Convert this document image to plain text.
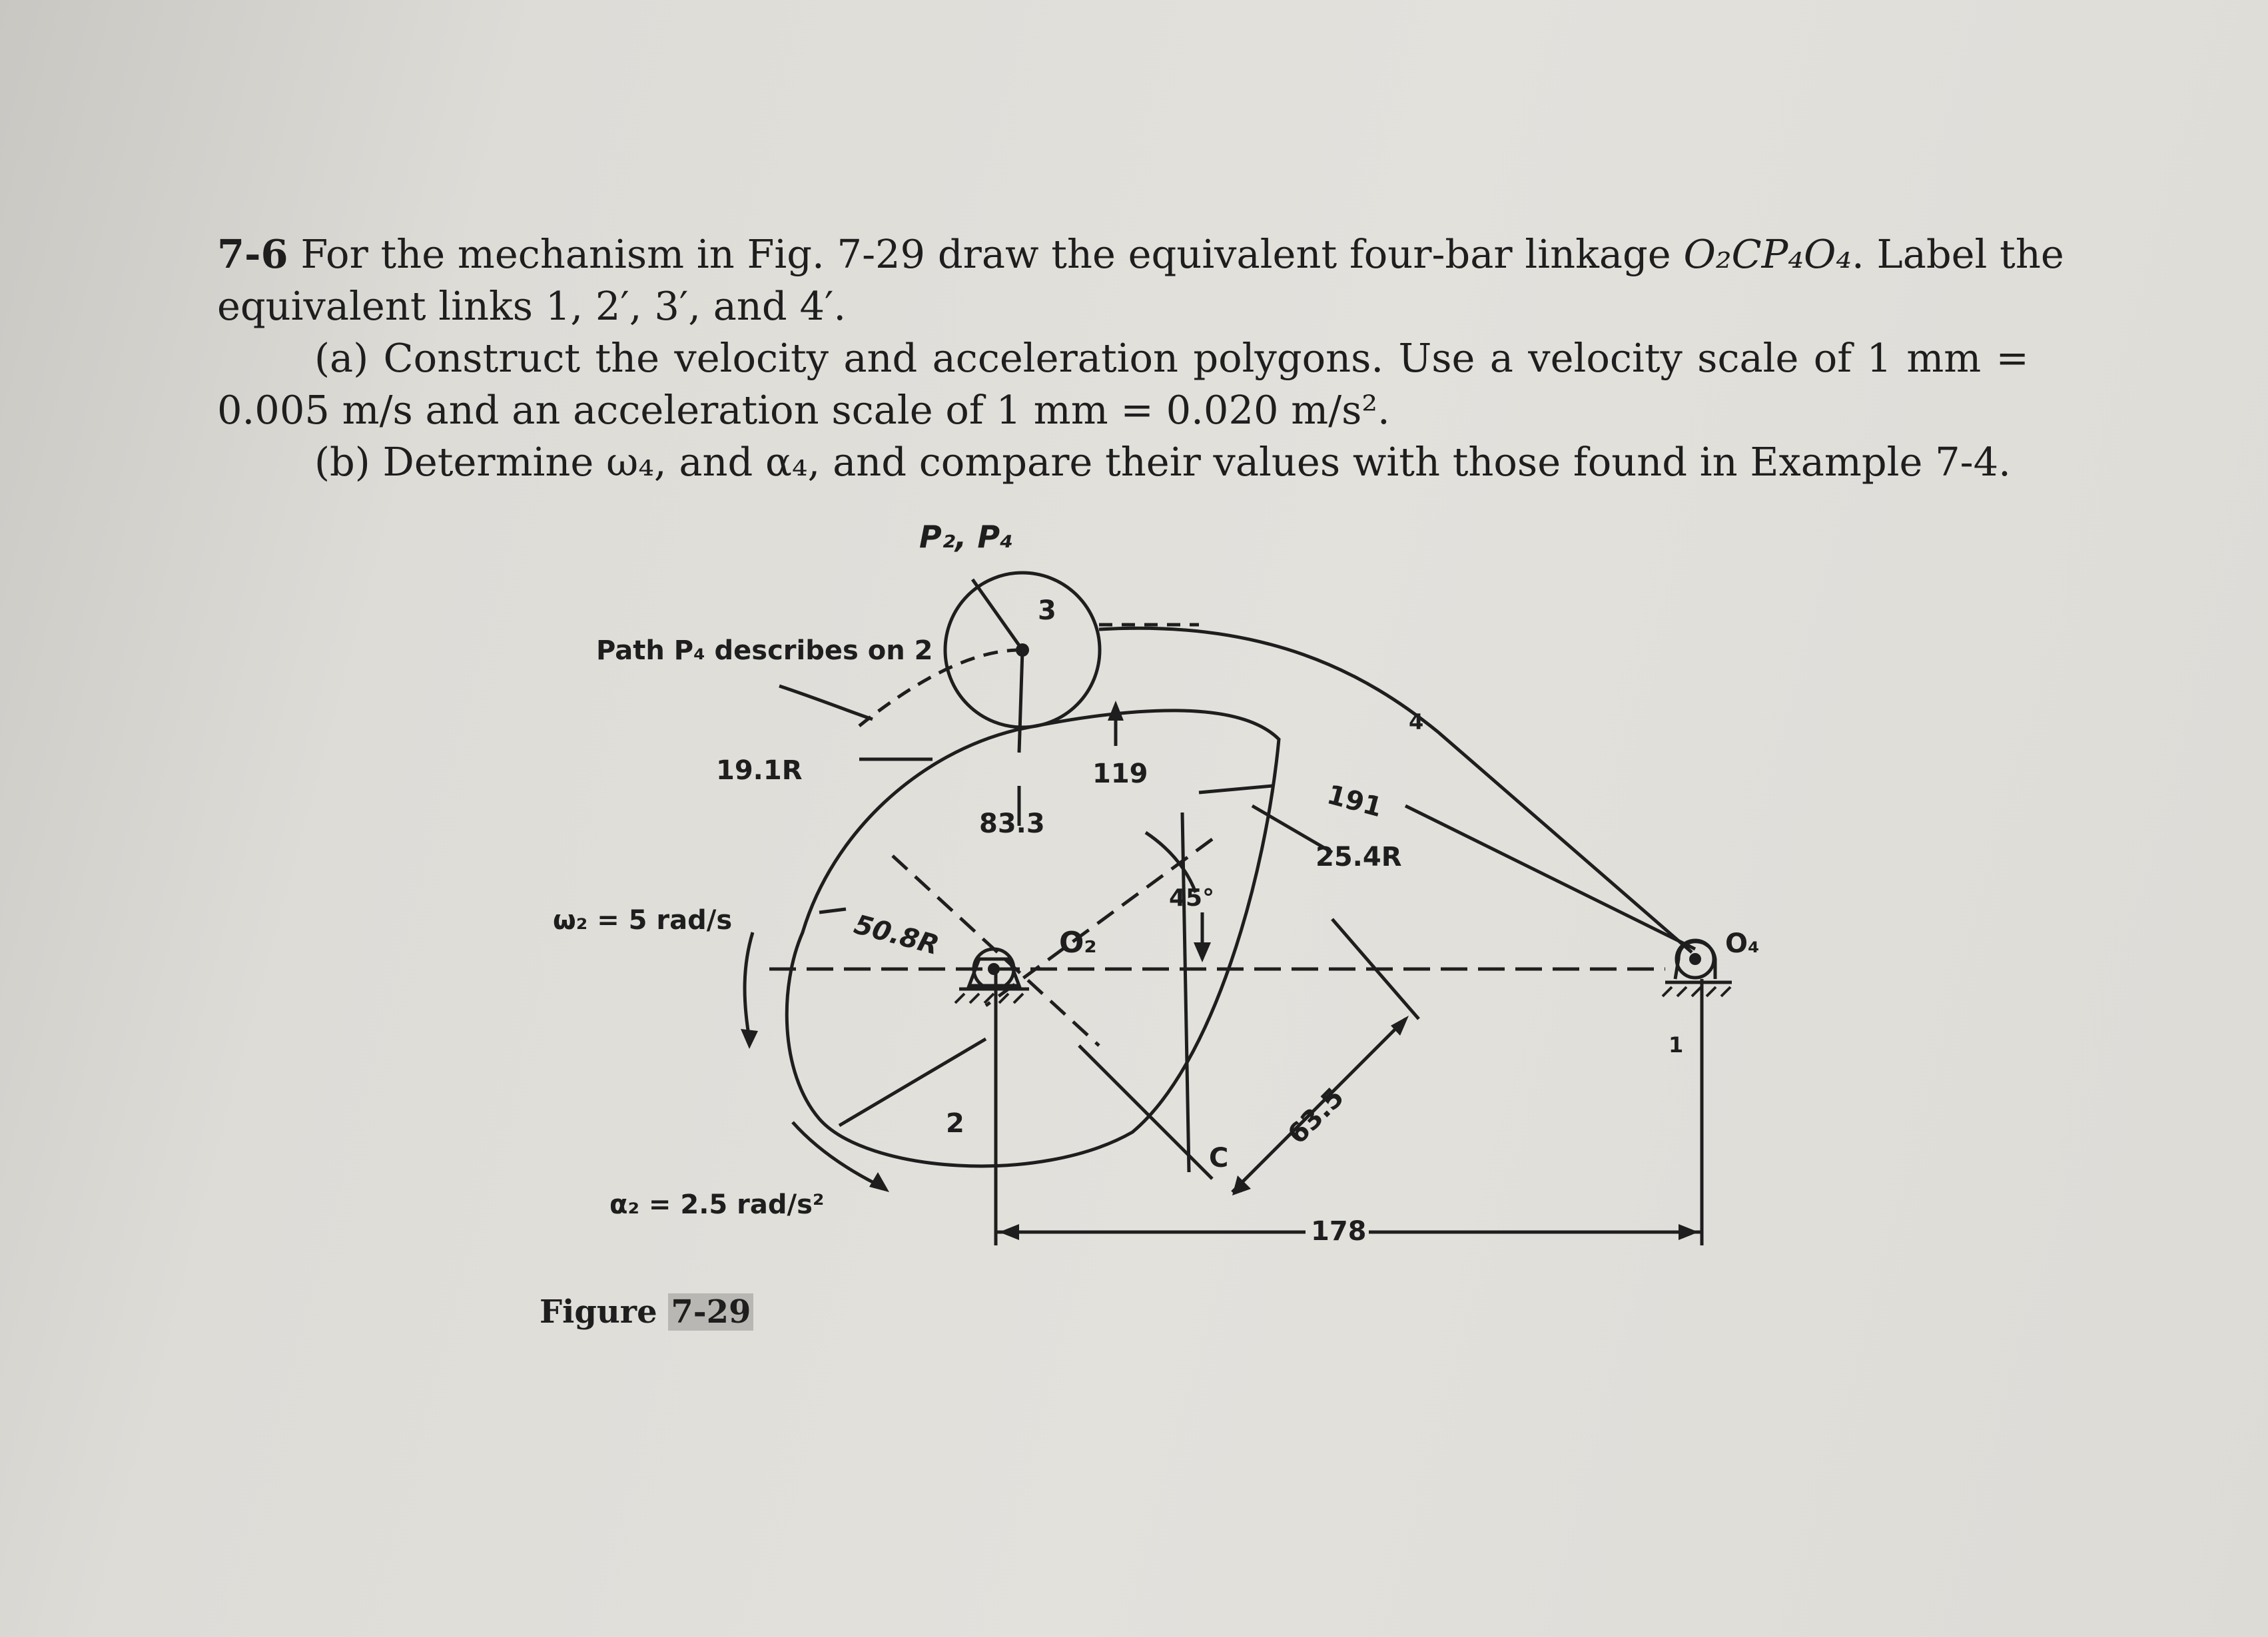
7-6 For the mechanism in Fig. 7-29 draw the equivalent four-bar linkage O₂CP₄O₄. Label the
equivalent links 1, 2′, 3′, and 4′.
(a) Construct the velocity and acceleration polygons. Use a velocity scale of 1 mm =
0.005 m/s and an acceleration scale of 1 mm = 0.020 m/s².
(b) Determine ω₄, and α₄, and compare their values with those found in Example 7-4.
P₂, P₄
Path P₄ describes on 2
3
4
19.1R	119
191
83.3
25.4R
45°
ω₂ = 5 rad/s	50.8R	O₂	O₄
1
2	63.5
C
α₂ = 2.5 rad/s²
178
Figure 7-29
